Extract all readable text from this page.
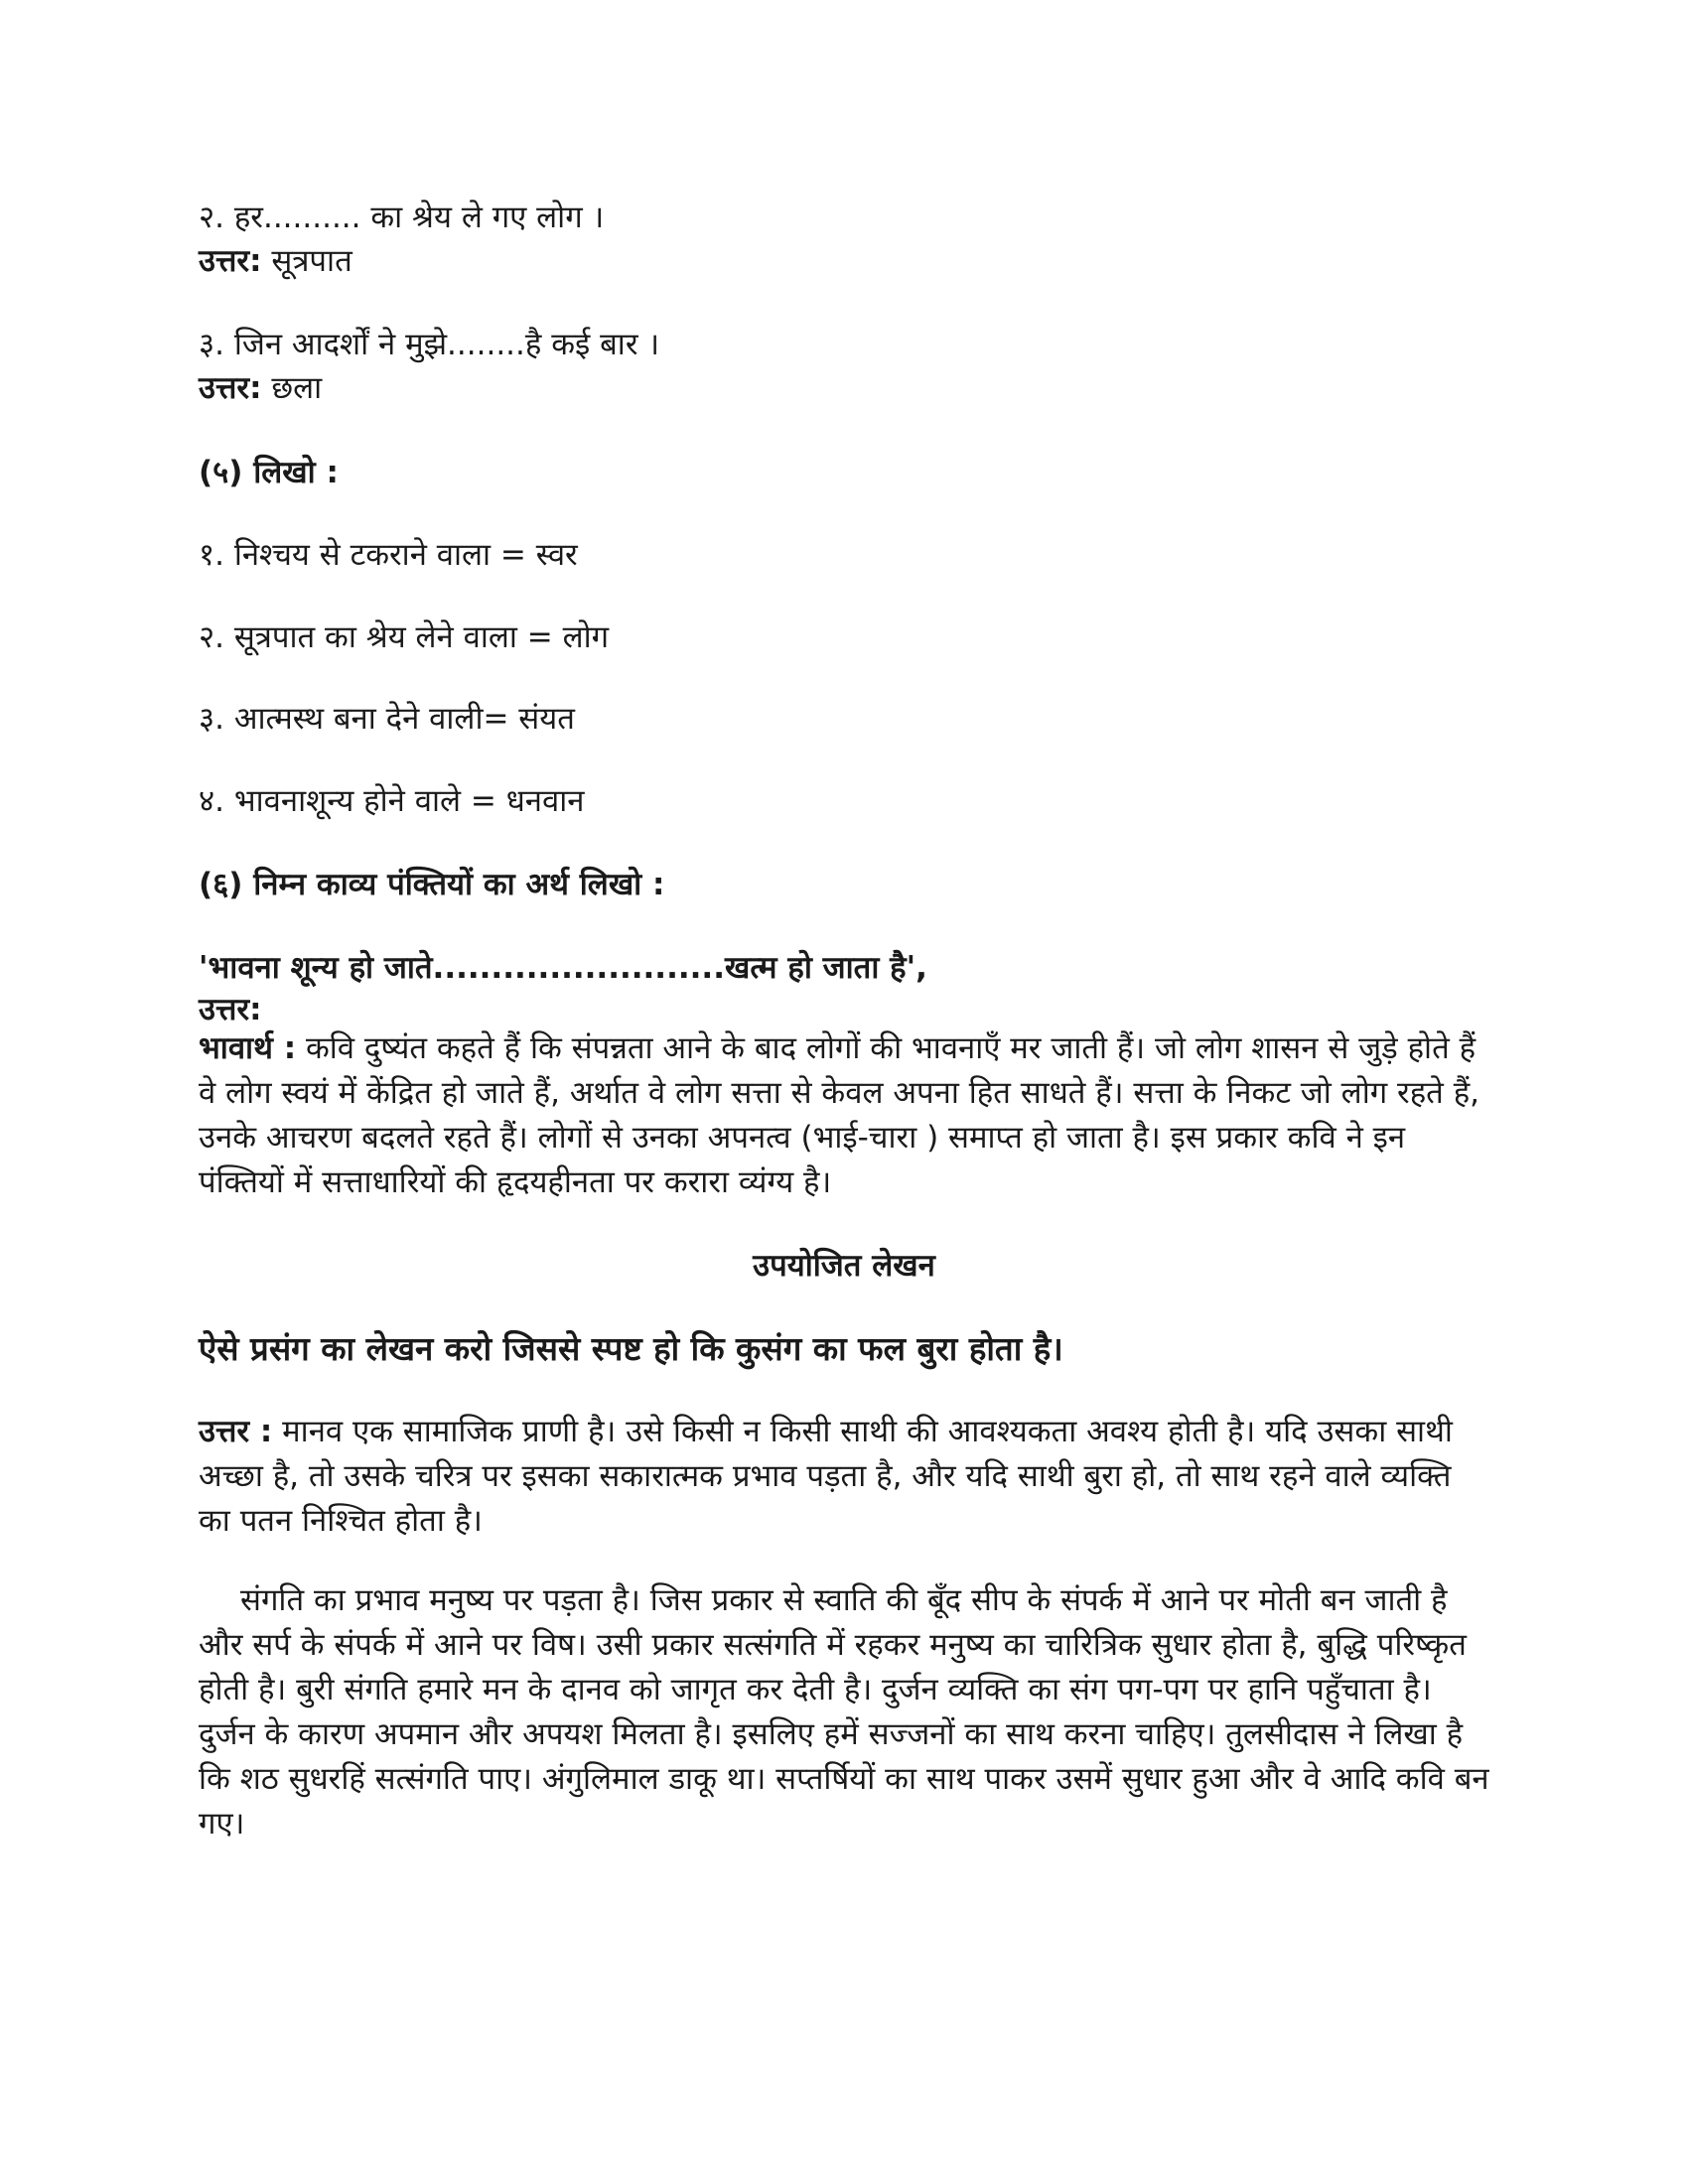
२. हर.......... का श्रेय ले गए लोग ।

उत्तर: सूत्रपात

३. जिन आदर्शों ने मुझे........है कई बार ।

उत्तर: छला

(५) लिखो :

१. निश्चय से टकराने वाला = स्वर

२. सूत्रपात का श्रेय लेने वाला = लोग

३. आत्मस्थ बना देने वाली= संयत

४. भावनाशून्य होने वाले = धनवान

(६) निम्न काव्य पंक्तियों का अर्थ लिखो :

'भावना शून्य हो जाते.........................खत्म हो जाता है',

उत्तर:

भावार्थ : कवि दुष्यंत कहते हैं कि संपन्नता आने के बाद लोगों की भावनाएँ मर जाती हैं। जो लोग शासन से जुड़े होते हैं वे लोग स्वयं में केंद्रित हो जाते हैं, अर्थात वे लोग सत्ता से केवल अपना हित साधते हैं। सत्ता के निकट जो लोग रहते हैं, उनके आचरण बदलते रहते हैं। लोगों से उनका अपनत्व (भाई-चारा ) समाप्त हो जाता है। इस प्रकार कवि ने इन पंक्तियों में सत्ताधारियों की हृदयहीनता पर करारा व्यंग्य है।

उपयोजित लेखन

ऐसे प्रसंग का लेखन करो जिससे स्पष्ट हो कि कुसंग का फल बुरा होता है।

उत्तर : मानव एक सामाजिक प्राणी है। उसे किसी न किसी साथी की आवश्यकता अवश्य होती है। यदि उसका साथी अच्छा है, तो उसके चरित्र पर इसका सकारात्मक प्रभाव पड़ता है, और यदि साथी बुरा हो, तो साथ रहने वाले व्यक्ति का पतन निश्चित होता है।

संगति का प्रभाव मनुष्य पर पड़ता है। जिस प्रकार से स्वाति की बूँद सीप के संपर्क में आने पर मोती बन जाती है और सर्प के संपर्क में आने पर विष। उसी प्रकार सत्संगति में रहकर मनुष्य का चारित्रिक सुधार होता है, बुद्धि परिष्कृत होती है। बुरी संगति हमारे मन के दानव को जागृत कर देती है। दुर्जन व्यक्ति का संग पग-पग पर हानि पहुँचाता है। दुर्जन के कारण अपमान और अपयश मिलता है। इसलिए हमें सज्जनों का साथ करना चाहिए। तुलसीदास ने लिखा है कि शठ सुधरहिं सत्संगति पाए। अंगुलिमाल डाकू था। सप्तर्षियों का साथ पाकर उसमें सुधार हुआ और वे आदि कवि बन गए।
